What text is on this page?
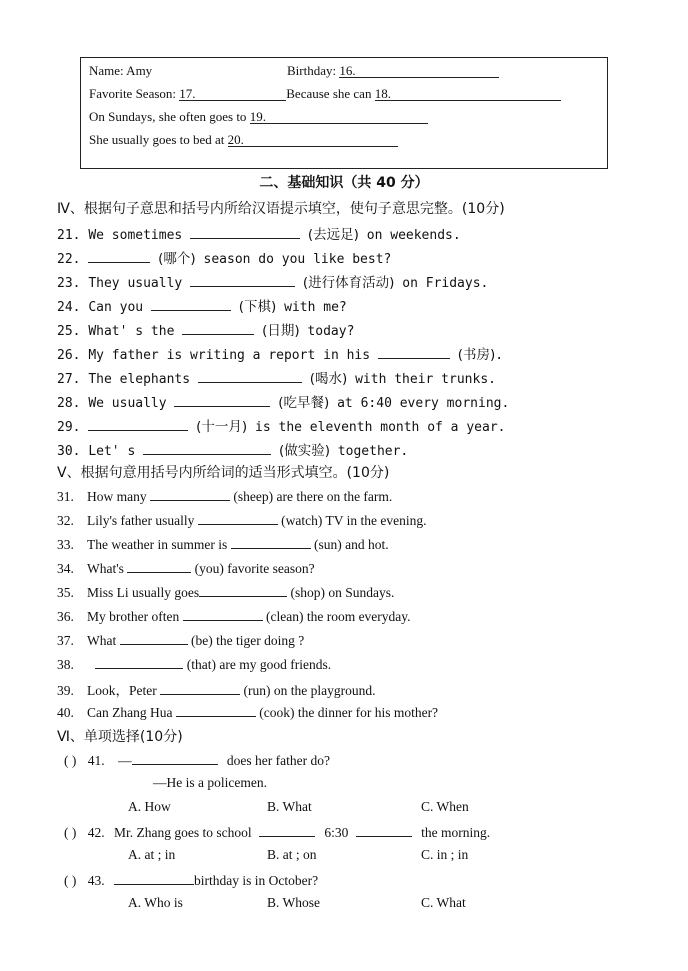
Name: Amy	Birthday: 16.
Favorite Season: 17.	Because she can 18.
On Sundays, she often goes to 19.
She usually goes to bed at 20.
二、基础知识（共 40 分）
Ⅳ、根据句子意思和括号内所给汉语提示填空，使句子意思完整。(10分)
21. We sometimes	(去远足) on weekends.
22.	(哪个) season do you like best?
23. They usually	(进行体育活动) on Fridays.
24. Can you	(下棋) with me?
25. What' s the	(日期) today?
26. My father is writing a report in his	(书房).
27. The elephants	(喝水) with their trunks.
28. We usually	(吃早餐) at 6:40 every morning.
29.	(十一月) is the eleventh month of a year.
30. Let' s	(做实验) together.
Ⅴ、根据句意用括号内所给词的适当形式填空。(10分)
31. How many	(sheep) are there on the farm.
32. Lily's father usually	(watch) TV in the evening.
33. The weather in summer is	(sun) and hot.
34. What's	(you) favorite season?
35. Miss Li usually goes	(shop) on Sundays.
36. My brother often	(clean) the room everyday.
37. What	(be) the tiger doing ?
38.	(that) are my good friends.
39. Look，Peter	(run) on the playground.
40. Can Zhang Hua	(cook) the dinner for his mother?
Ⅵ、单项选择(10分)
( ) 41. —	does her father do?
—He is a policemen.
A. How	B. What	C. When
( ) 42. Mr. Zhang goes to school	6:30	the morning.
A. at ; in	B. at ; on	C. in ; in
( ) 43.	birthday is in October?
A. Who is	B. Whose	C. What
